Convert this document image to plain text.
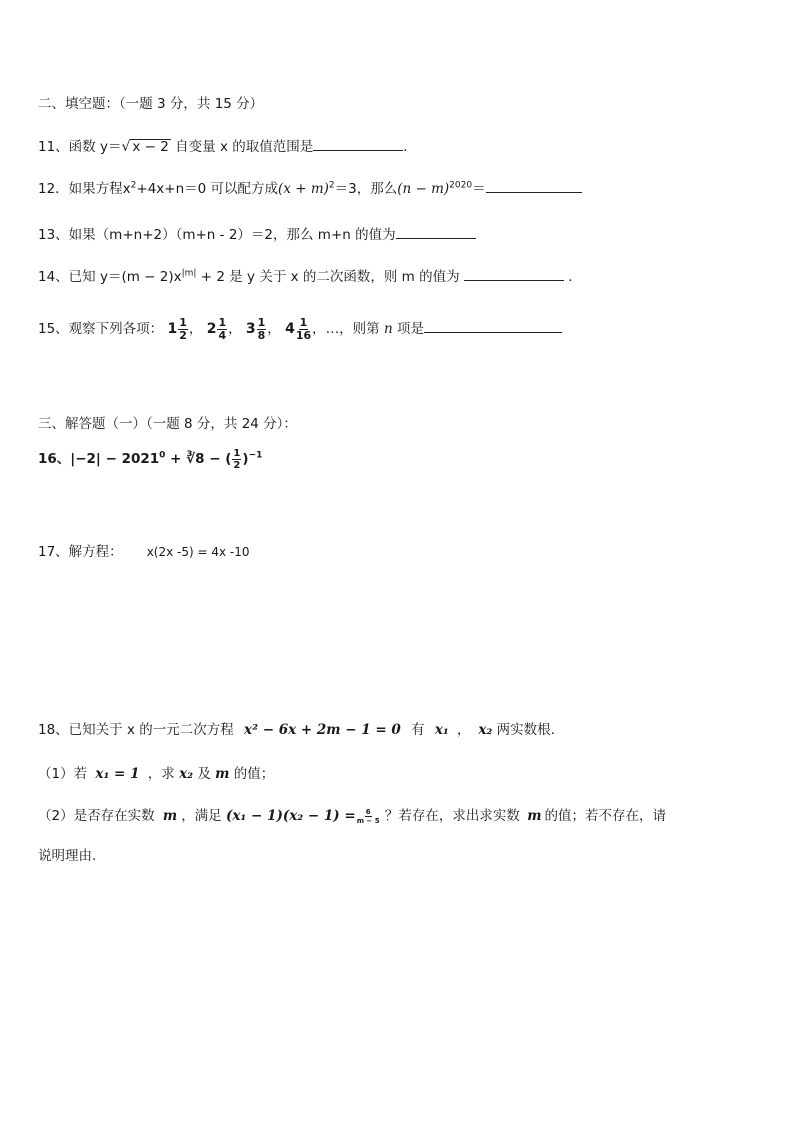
二、填空题：（一题 3 分，共 15 分）
11、函数 y＝√ x − 2 自变量 x 的取值范围是	.
12．如果方程$x^2+4x+n=0$ 可以配方成$(x + m)^2=3$，那么$(n - m)^{2020}=$
13、如果（m+n+2）（m+n - 2）＝2，那么 m+n 的值为
14、已知 $y=(m - 2)x^{|m|} + 2$ 是 y 关于 x 的二次函数，则 m 的值为	．
15、观察下列各项： $1 \frac{1}{2}$ ， $2 \frac{1}{4}$ ， $3 \frac{1}{8}$ ， $4 \frac{1}{16}$ ，…，则第 n 项是
三、解答题（一）（一题 8 分，共 24 分）：
16、$|-2| - 2021^0$ + ∛8 − ( $\frac{1}{2} )^{-1}$
17、解方程： x(2x -5) = 4x -10
18、已知关于 x 的一元二次方程 x² − 6x + 2m − 1 = 0 有 x₁ ， x₂ 两实数根.
（1）若 x₁ = 1 ，求 x₂ 及 m 的值；
（2）是否存在实数 m ，满足 $(x_1 - 1)(x_2 - 1) = \frac{6}{m - 5}$ ？若存在，求出求实数 m 的值；若不存在，请
说明理由.
